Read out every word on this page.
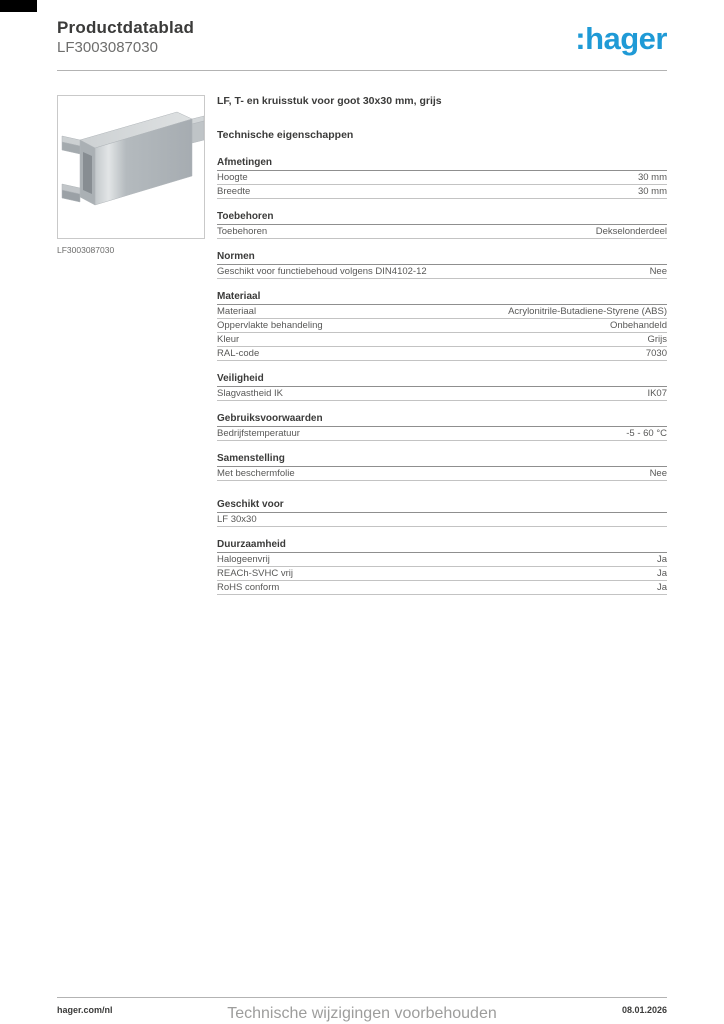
Productdatablad
LF3003087030	:hager
LF3003087030
LF, T- en kruisstuk voor goot 30x30 mm, grijs
Technische eigenschappen
Afmetingen
Hoogte	30 mm
Breedte	30 mm
Toebehoren
Toebehoren	Dekselonderdeel
Normen
Geschikt voor functiebehoud volgens DIN4102-12	Nee
Materiaal
Materiaal	Acrylonitrile-Butadiene-Styrene (ABS)
Oppervlakte behandeling	Onbehandeld
Kleur	Grijs
RAL-code	7030
Veiligheid
Slagvastheid IK	IK07
Gebruiksvoorwaarden
Bedrijfstemperatuur	-5 - 60 °C
Samenstelling
Met beschermfolie	Nee
Geschikt voor
LF 30x30
Duurzaamheid
Halogeenvrij	Ja
REACh-SVHC vrij	Ja
RoHS conform	Ja
Technische wijzigingen voorbehouden
hager.com/nl	08.01.2026
